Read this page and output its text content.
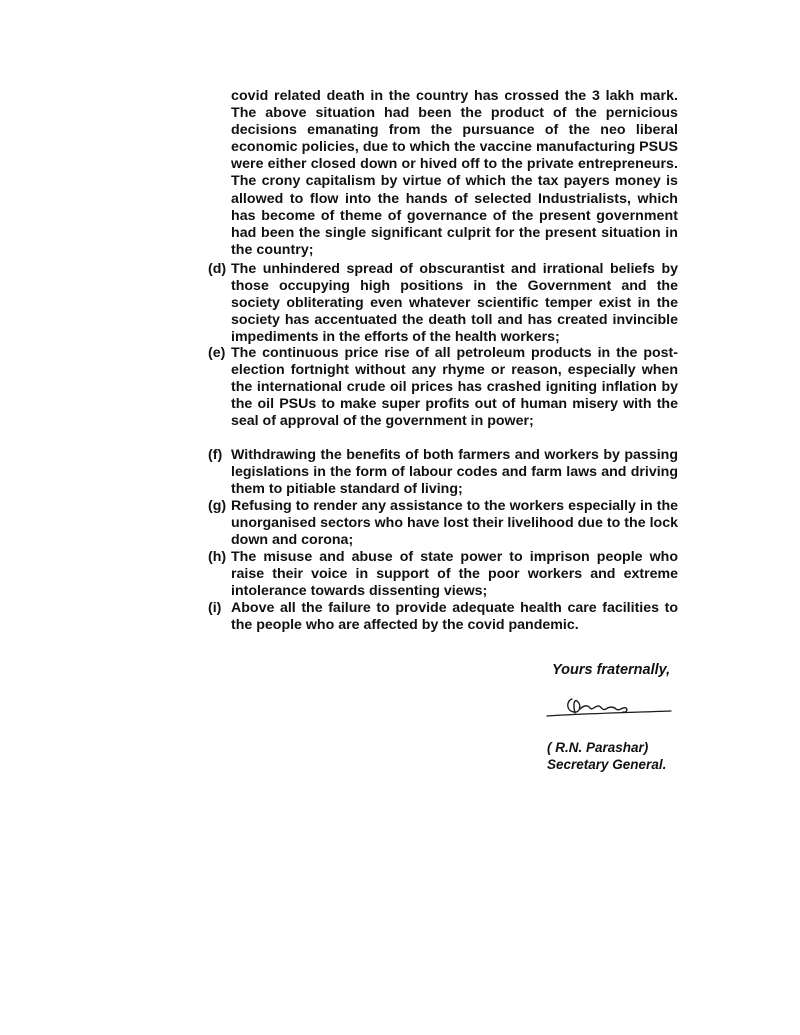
covid related death in the country has crossed the 3 lakh mark. The above situation had been the product of the pernicious decisions emanating from the pursuance of the neo liberal economic policies, due to which the vaccine manufacturing PSUS were either closed down or hived off to the private entrepreneurs. The crony capitalism by virtue of which the tax payers money is allowed to flow into the hands of selected Industrialists, which has become of theme of governance of the present government had been the single significant culprit for the present situation in the country;
(d) The unhindered spread of obscurantist and irrational beliefs by those occupying high positions in the Government and the society obliterating even whatever scientific temper exist in the society has accentuated the death toll and has created invincible impediments in the efforts of the health workers;
(e) The continuous price rise of all petroleum products in the post-election fortnight without any rhyme or reason, especially when the international crude oil prices has crashed igniting inflation by the oil PSUs to make super profits out of human misery with the seal of approval of the government in power;
(f) Withdrawing the benefits of both farmers and workers by passing legislations in the form of labour codes and farm laws and driving them to pitiable standard of living;
(g) Refusing to render any assistance to the workers especially in the unorganised sectors who have lost their livelihood due to the lock down and corona;
(h) The misuse and abuse of state power to imprison people who raise their voice in support of the poor workers and extreme intolerance towards dissenting views;
(i) Above all the failure to provide adequate health care facilities to the people who are affected by the covid pandemic.
Yours fraternally,
( R.N. Parashar)
Secretary General.
